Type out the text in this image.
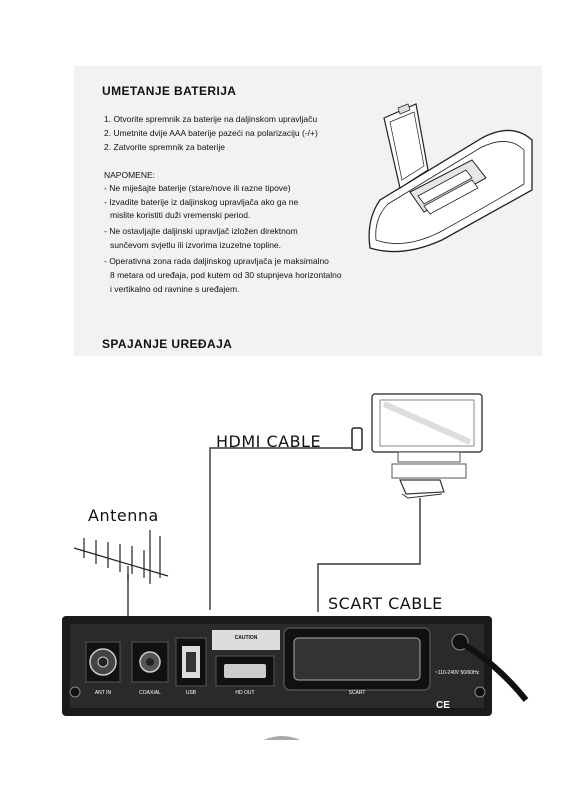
UMETANJE BATERIJA
1. Otvorite spremnik za baterije na daljinskom upravljaču
2. Umetnite dvije AAA baterije pazeći na polarizaciju (-/+)
2. Zatvorite spremnik za baterije
NAPOMENE:
- Ne miješajte baterije (stare/nove ili razne tipove)
- Izvadite baterije iz daljinskog upravljača ako ga ne
mislite koristiti duži vremenski period.
- Ne ostavljajte daljinski upravljač izložen direktnom
sunčevom svjetlu ili izvorima izuzetne topline.
- Operativna zona rada daljinskog upravljača je maksimalno
8 metara od uređaja, pod kutem od 30 stupnjeva horizontalno
i vertikalno od ravnine s uređajem.
SPAJANJE UREĐAJA
CAUTION
ANT IN	COAXIAL	USB	HD OUT	SCART
~110-240V 50/60Hz
CE
HDMI CABLE
Antenna
SCART CABLE
39
